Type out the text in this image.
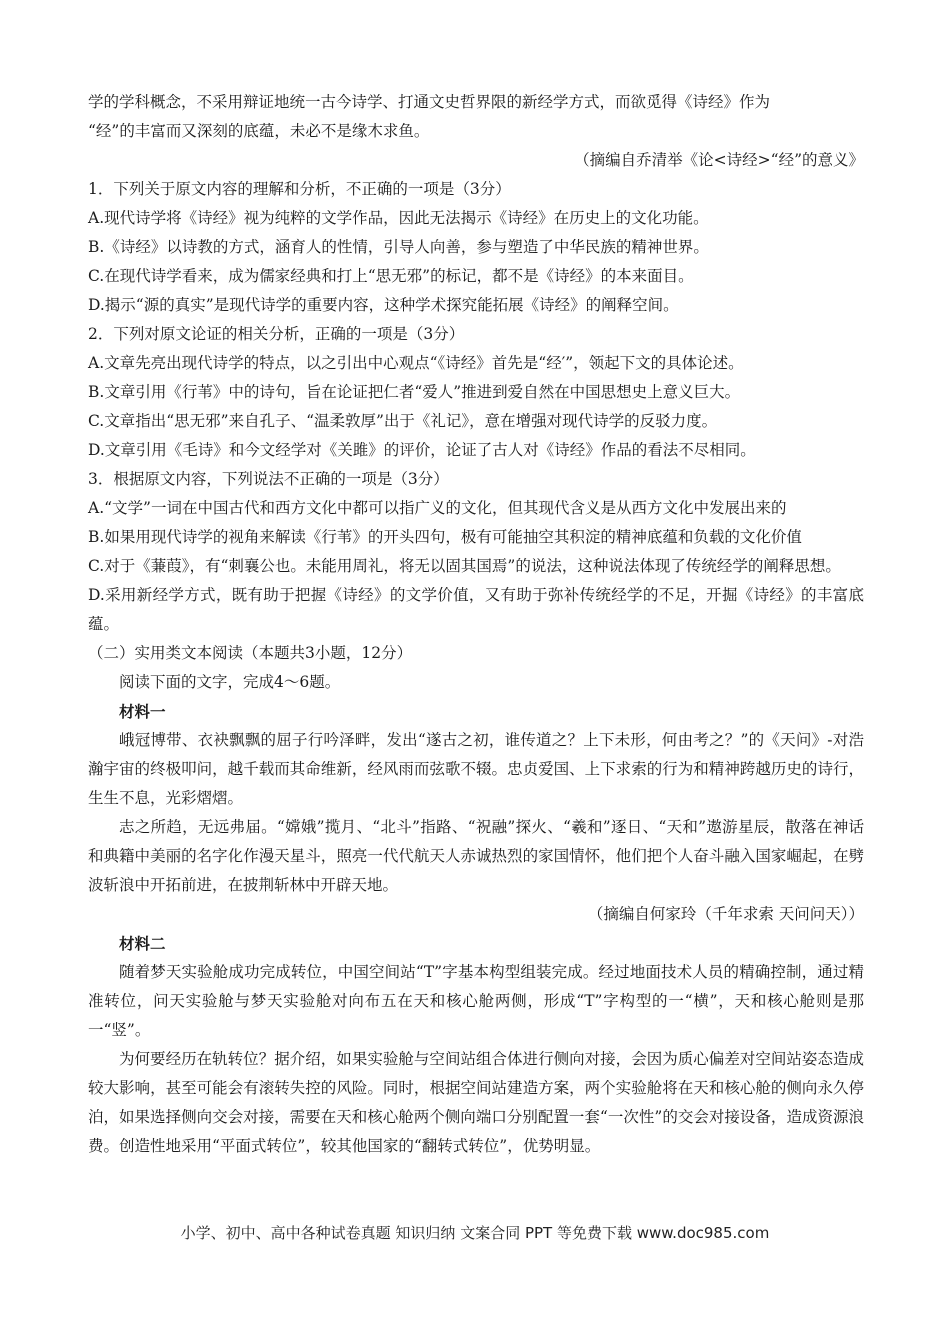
学的学科概念，不采用辩证地统一古今诗学、打通文史哲界限的新经学方式，而欲觅得《诗经》作为
“经”的丰富而又深刻的底蕴，未必不是缘木求鱼。
（摘编自乔清举《论<诗经>“经”的意义》
1．下列关于原文内容的理解和分析，不正确的一项是（3分）
A.现代诗学将《诗经》视为纯粹的文学作品，因此无法揭示《诗经》在历史上的文化功能。
B.《诗经》以诗教的方式，涵育人的性情，引导人向善，参与塑造了中华民族的精神世界。
C.在现代诗学看来，成为儒家经典和打上“思无邪”的标记，都不是《诗经》的本来面目。
D.揭示“源的真实”是现代诗学的重要内容，这种学术探究能拓展《诗经》的阐释空间。
2．下列对原文论证的相关分析，正确的一项是（3分）
A.文章先亮出现代诗学的特点，以之引出中心观点“《诗经》首先是“经′”，领起下文的具体论述。
B.文章引用《行苇》中的诗句，旨在论证把仁者“爱人”推进到爱自然在中国思想史上意义巨大。
C.文章指出“思无邪”来自孔子、“温柔敦厚”出于《礼记》，意在增强对现代诗学的反驳力度。
D.文章引用《毛诗》和今文经学对《关雎》的评价，论证了古人对《诗经》作品的看法不尽相同。
3．根据原文内容，下列说法不正确的一项是（3分）
A.“文学”一词在中国古代和西方文化中都可以指广义的文化，但其现代含义是从西方文化中发展出来的
B.如果用现代诗学的视角来解读《行苇》的开头四句，极有可能抽空其积淀的精神底蕴和负载的文化价值
C.对于《蒹葭》，有“刺襄公也。未能用周礼，将无以固其国焉”的说法，这种说法体现了传统经学的阐释思想。
D.采用新经学方式，既有助于把握《诗经》的文学价值，又有助于弥补传统经学的不足，开掘《诗经》的丰富底蕴。
（二）实用类文本阅读（本题共3小题，12分）
阅读下面的文字，完成4～6题。
材料一
峨冠博带、衣袂飘飘的屈子行吟泽畔，发出“遂古之初，谁传道之？上下未形，何由考之？”的《天问》-对浩瀚宇宙的终极叩问，越千载而其命维新，经风雨而弦歌不辍。忠贞爱国、上下求索的行为和精神跨越历史的诗行，生生不息，光彩熠熠。
志之所趋，无远弗届。“嫦娥”揽月、“北斗”指路、“祝融”探火、“羲和”逐日、“天和”遨游星辰，散落在神话和典籍中美丽的名字化作漫天星斗，照亮一代代航天人赤诚热烈的家国情怀，他们把个人奋斗融入国家崛起，在劈波斩浪中开拓前进，在披荆斩林中开辟天地。
（摘编自何家玲（千年求索 天问问天））
材料二
随着梦天实验舱成功完成转位，中国空间站“T”字基本构型组装完成。经过地面技术人员的精确控制，通过精准转位，问天实验舱与梦天实验舱对向布五在天和核心舱两侧，形成“T”字构型的一“横”，天和核心舱则是那一“竖”。
为何要经历在轨转位？据介绍，如果实验舱与空间站组合体进行侧向对接，会因为质心偏差对空间站姿态造成较大影响，甚至可能会有滚转失控的风险。同时，根据空间站建造方案，两个实验舱将在天和核心舱的侧向永久停泊，如果选择侧向交会对接，需要在天和核心舱两个侧向端口分别配置一套“一次性”的交会对接设备，造成资源浪费。创造性地采用“平面式转位”，较其他国家的“翻转式转位”，优势明显。
小学、初中、高中各种试卷真题 知识归纳 文案合同 PPT 等免费下载 www.doc985.com
